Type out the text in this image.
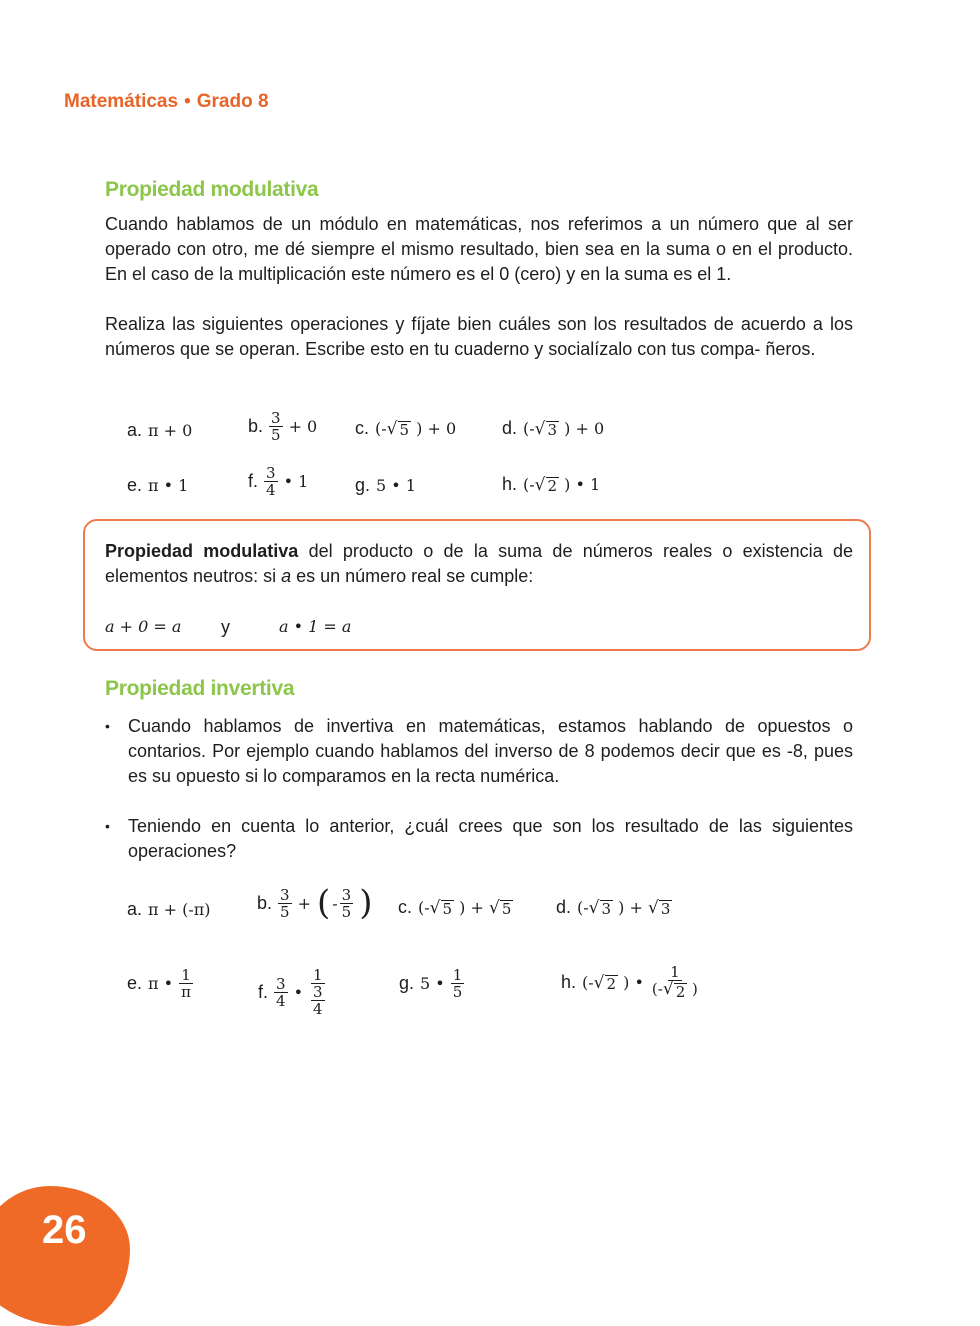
Matemáticas • Grado 8
Propiedad modulativa

Cuando hablamos de un módulo en matemáticas, nos referimos a un número que al ser operado con otro, me dé siempre el mismo resultado, bien sea en la suma o en el producto. En el caso de la multiplicación este número es el 0 (cero) y en la suma es el 1.

Realiza las siguientes operaciones y fíjate bien cuáles son los resultados de acuerdo a los números que se operan. Escribe esto en tu cuaderno y socialízalo con tus compa- ñeros.

a. π + 0	b. $\frac{3}{5} + 0$ c. (- √ 5 ) + 0	d. (- √ 3 ) + 0
e. π • 1	f. $\frac{3}{4}$ • 1	g. 5 • 1	h. (- √ 2 ) • 1

Propiedad modulativa del producto o de la suma de números reales o existencia de elementos neutros: si a es un número real se cumple:

a + 0 = a y	a • 1 = a
Propiedad invertiva
• Cuando hablamos de invertiva en matemáticas, estamos hablando de opuestos o contarios. Por ejemplo cuando hablamos del inverso de 8 podemos decir que es -8, pues es su opuesto si lo comparamos en la recta numérica.
• Teniendo en cuenta lo anterior, ¿cuál crees que son los resultado de las siguientes operaciones?
a. π + (-π)	b. $\frac{3}{5}$ + ( - $\frac{3}{5}$ ) c. (- √ 5 ) + √ 5 d. (- √ 3 ) + √ 3
e. π • $\frac{1}{\pi}$	f. $\frac{3}{4}$ • $\frac{1}{\frac{3}{4}}$	g. 5 • $\frac{1}{5}$	h. (- √ 2 ) • $\frac{1}{(- √ 2 )}$
26
